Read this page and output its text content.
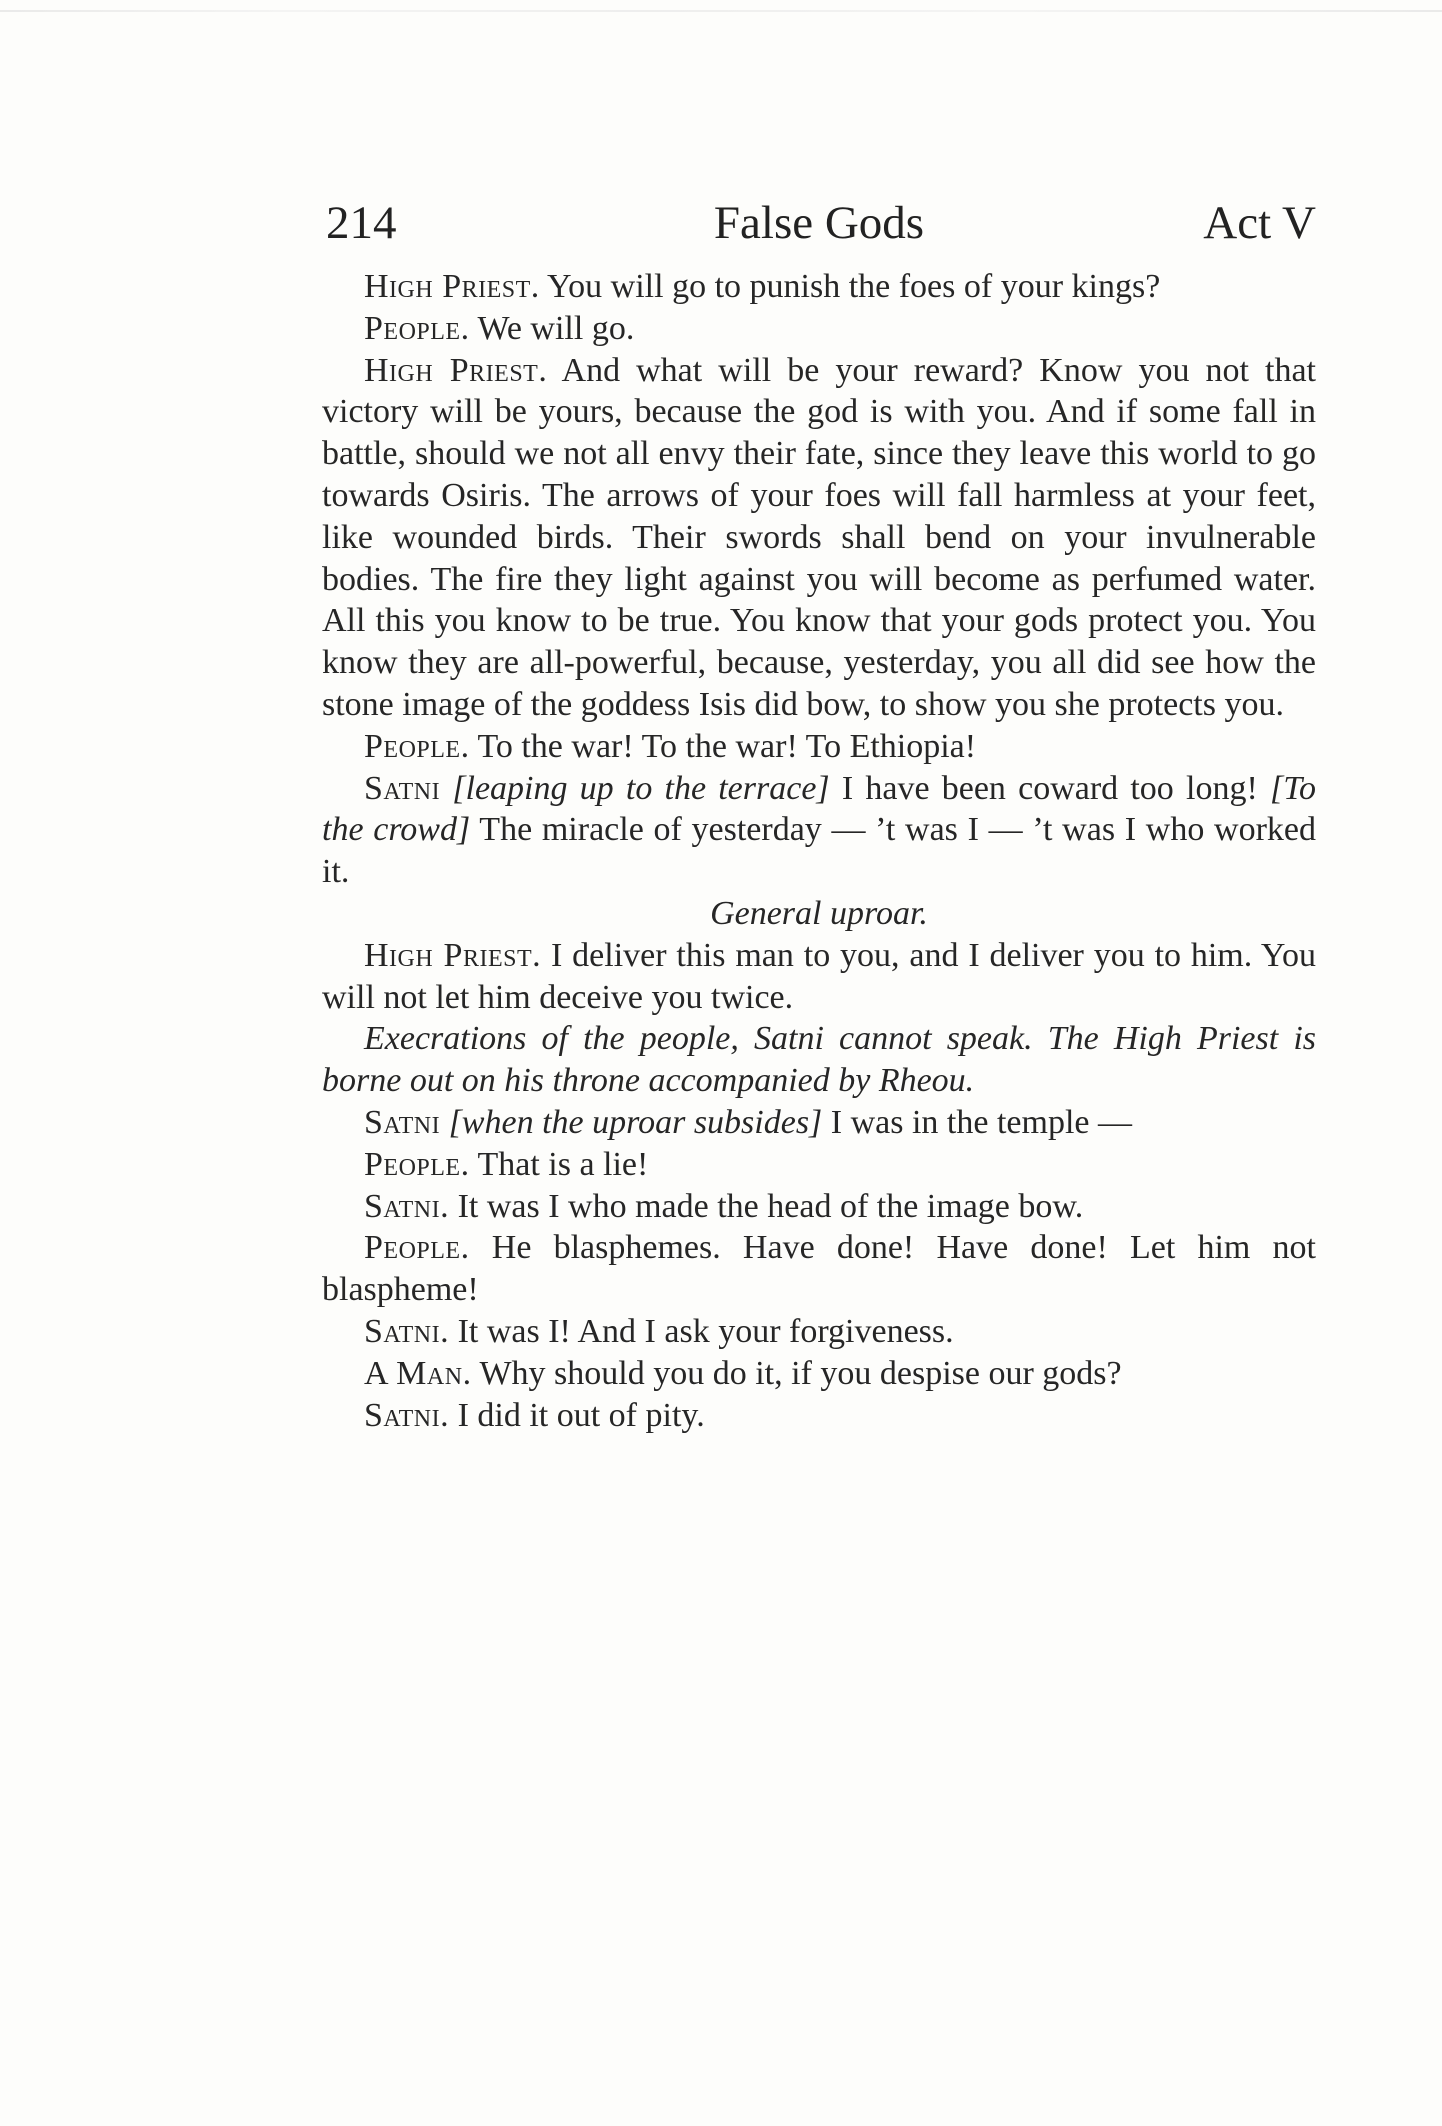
214	False Gods	Act V

High Priest. You will go to punish the foes of your kings?

People. We will go.

High Priest. And what will be your reward? Know you not that victory will be yours, because the god is with you. And if some fall in battle, should we not all envy their fate, since they leave this world to go towards Osiris. The arrows of your foes will fall harmless at your feet, like wounded birds. Their swords shall bend on your invulnerable bodies. The fire they light against you will become as perfumed water. All this you know to be true. You know that your gods protect you. You know they are all-powerful, because, yesterday, you all did see how the stone image of the goddess Isis did bow, to show you she protects you.

People. To the war! To the war! To Ethiopia!

Satni [leaping up to the terrace] I have been coward too long! [To the crowd] The miracle of yesterday — ’t was I — ’t was I who worked it.

General uproar.

High Priest. I deliver this man to you, and I deliver you to him. You will not let him deceive you twice.

Execrations of the people, Satni cannot speak. The High Priest is borne out on his throne accompanied by Rheou.

Satni [when the uproar subsides] I was in the temple —

People. That is a lie!

Satni. It was I who made the head of the image bow.

People. He blasphemes. Have done! Have done! Let him not blaspheme!

Satni. It was I! And I ask your forgiveness.

A Man. Why should you do it, if you despise our gods?

Satni. I did it out of pity.
